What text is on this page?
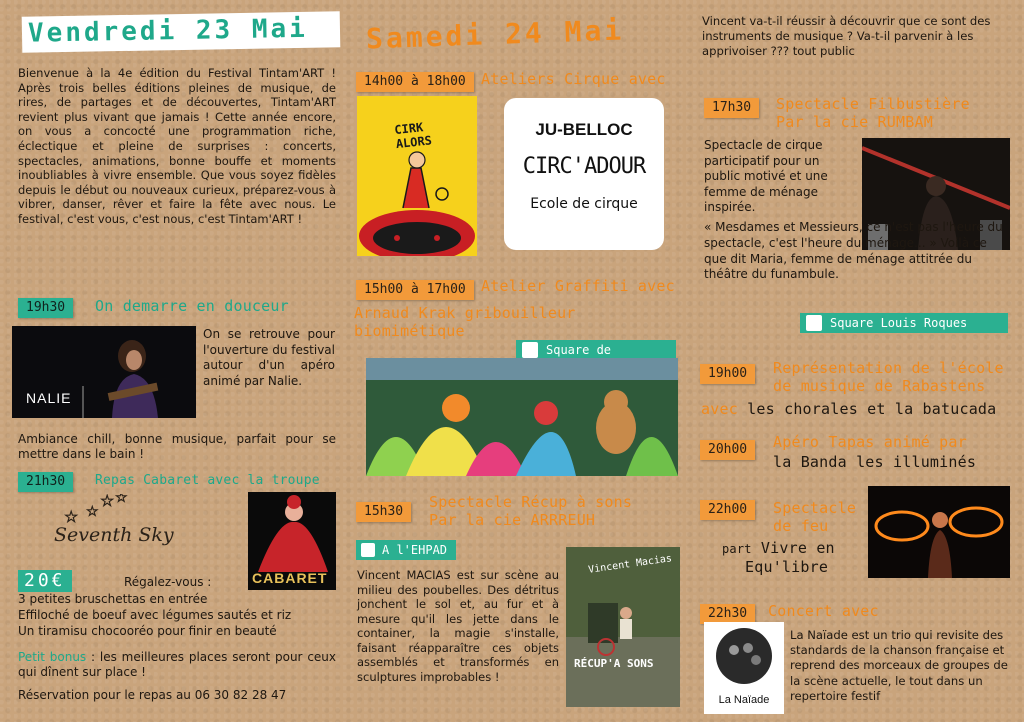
Vendredi 23 Mai
Bienvenue à la 4e édition du Festival Tintam'ART ! Après trois belles éditions pleines de musique, de rires, de partages et de découvertes, Tintam'ART revient plus vivant que jamais ! Cette année encore, on vous a concocté une programmation riche, éclectique et pleine de surprises : concerts, spectacles, animations, bonne bouffe et moments inoubliables à vivre ensemble. Que vous soyez fidèles depuis le début ou nouveaux curieux, préparez-vous à vibrer, danser, rêver et faire la fête avec nous. Le festival, c'est vous, c'est nous, c'est Tintam'ART !
19h30	On demarre en douceur
NALIE
On se retrouve pour l'ouverture du festival autour d'un apéro animé par Nalie.
Ambiance chill, bonne musique, parfait pour se mettre dans le bain !
21h30	Repas Cabaret avec la troupe
☆ ☆
☆
☆
Seventh Sky
CABARET
20€	Régalez-vous :
3 petites bruschettas en entrée
Effiloché de boeuf avec légumes sautés et riz
Un tiramisu chocooréo pour finir en beauté
Petit bonus : les meilleures places seront pour ceux qui dînent sur place !
Réservation pour le repas au 06 30 82 28 47
Samedi 24 Mai
14h00 à 18h00	Ateliers Cirque avec
CIRK ALORS
JU-BELLOC
CIRC'ADOUR
Ecole de cirque
15h00 à 17h00	Atelier Graffiti avec
Arnaud Krak gribouilleur biomimétique
Square de
15h30
Spectacle Récup à sons
Par la cie ARRREUH
A l'EHPAD
Vincent MACIAS est sur scène au milieu des poubelles. Des détritus jonchent le sol et, au fur et à mesure qu'il les jette dans le container, la magie s'installe, faisant réapparaître ces objets assemblés et transformés en sculptures improbables !
Vincent Macias
RÉCUP'A SONS
Vincent va-t-il réussir à découvrir que ce sont des instruments de musique ? Va-t-il parvenir à les apprivoiser ??? tout public
17h30	Spectacle Filbustière
Par la cie RUMBAM
Spectacle de cirque participatif pour un public motivé et une femme de ménage inspirée.
« Mesdames et Messieurs, ce n'est pas l'heure du spectacle, c'est l'heure du ménage... » Voilà ce que dit Maria, femme de ménage attitrée du théâtre du funambule.
Square Louis Roques
19h00	Représentation de l'école
de musique de Rabastens
avec les chorales et la batucada
20h00	Apéro Tapas animé par
la Banda les illuminés
22h00	Spectacle
de feu
part Vivre en
Equ'libre
22h30	Concert avec
La Naïade
La Naïade est un trio qui revisite des standards de la chanson française et reprend des morceaux de groupes de la scène actuelle, le tout dans un repertoire festif
